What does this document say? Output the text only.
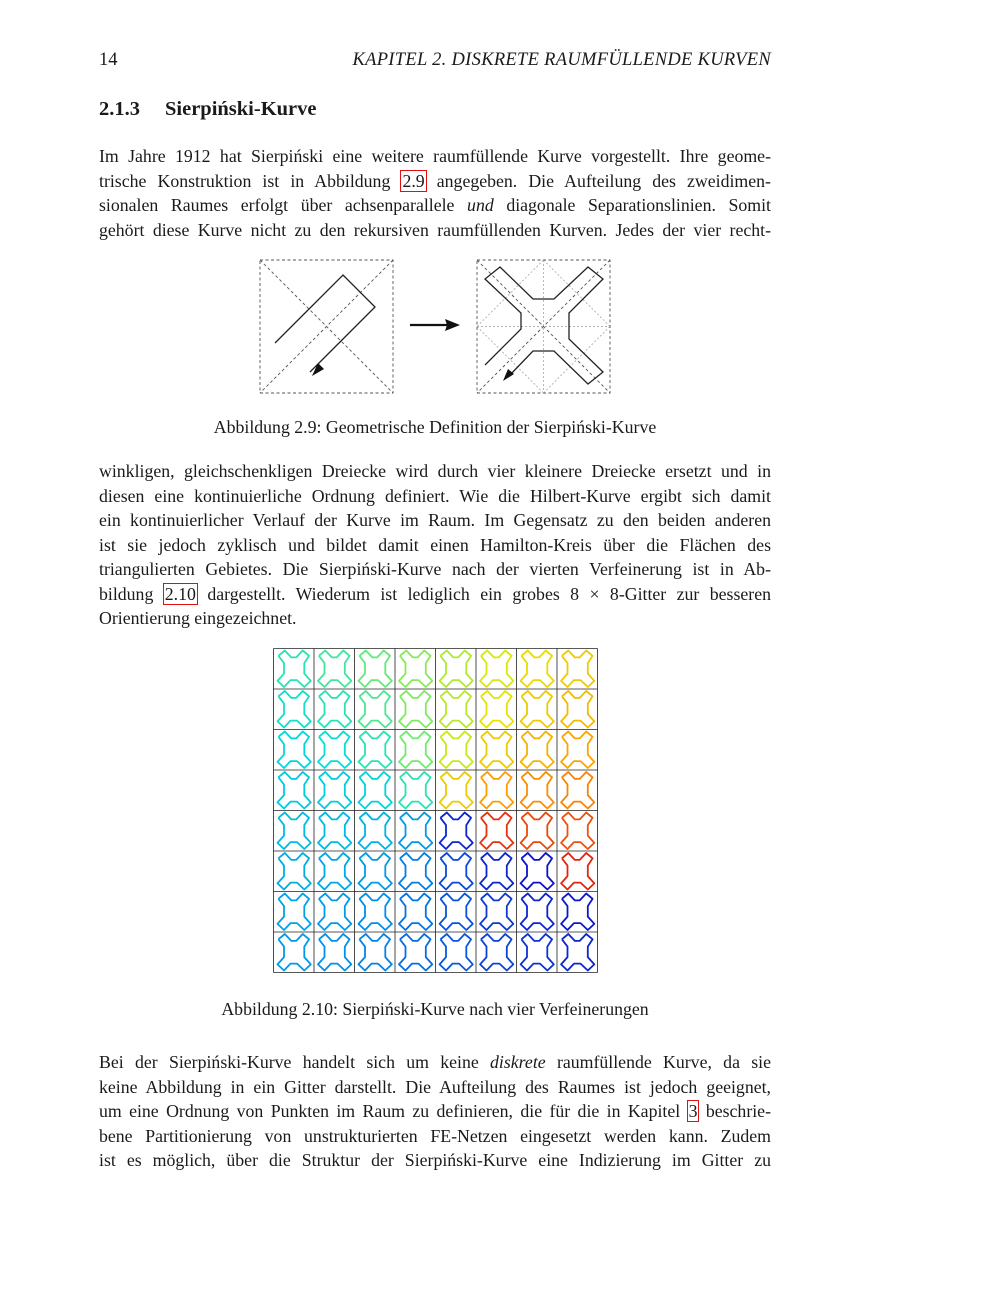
14	KAPITEL 2. DISKRETE RAUMFÜLLENDE KURVEN
2.1.3 Sierpiński-Kurve
Im Jahre 1912 hat Sierpiński eine weitere raumfüllende Kurve vorgestellt. Ihre geome-
trische Konstruktion ist in Abbildung 2.9 angegeben. Die Aufteilung des zweidimen-
sionalen Raumes erfolgt über achsenparallele und diagonale Separationslinien. Somit
gehört diese Kurve nicht zu den rekursiven raumfüllenden Kurven. Jedes der vier recht-
Abbildung 2.9: Geometrische Definition der Sierpiński-Kurve
winkligen, gleichschenkligen Dreiecke wird durch vier kleinere Dreiecke ersetzt und in
diesen eine kontinuierliche Ordnung definiert. Wie die Hilbert-Kurve ergibt sich damit
ein kontinuierlicher Verlauf der Kurve im Raum. Im Gegensatz zu den beiden anderen
ist sie jedoch zyklisch und bildet damit einen Hamilton-Kreis über die Flächen des
triangulierten Gebietes. Die Sierpiński-Kurve nach der vierten Verfeinerung ist in Ab-
bildung 2.10 dargestellt. Wiederum ist lediglich ein grobes 8 × 8-Gitter zur besseren
Orientierung eingezeichnet.
Abbildung 2.10: Sierpiński-Kurve nach vier Verfeinerungen
Bei der Sierpiński-Kurve handelt sich um keine diskrete raumfüllende Kurve, da sie
keine Abbildung in ein Gitter darstellt. Die Aufteilung des Raumes ist jedoch geeignet,
um eine Ordnung von Punkten im Raum zu definieren, die für die in Kapitel 3 beschrie-
bene Partitionierung von unstrukturierten FE-Netzen eingesetzt werden kann. Zudem
ist es möglich, über die Struktur der Sierpiński-Kurve eine Indizierung im Gitter zu
